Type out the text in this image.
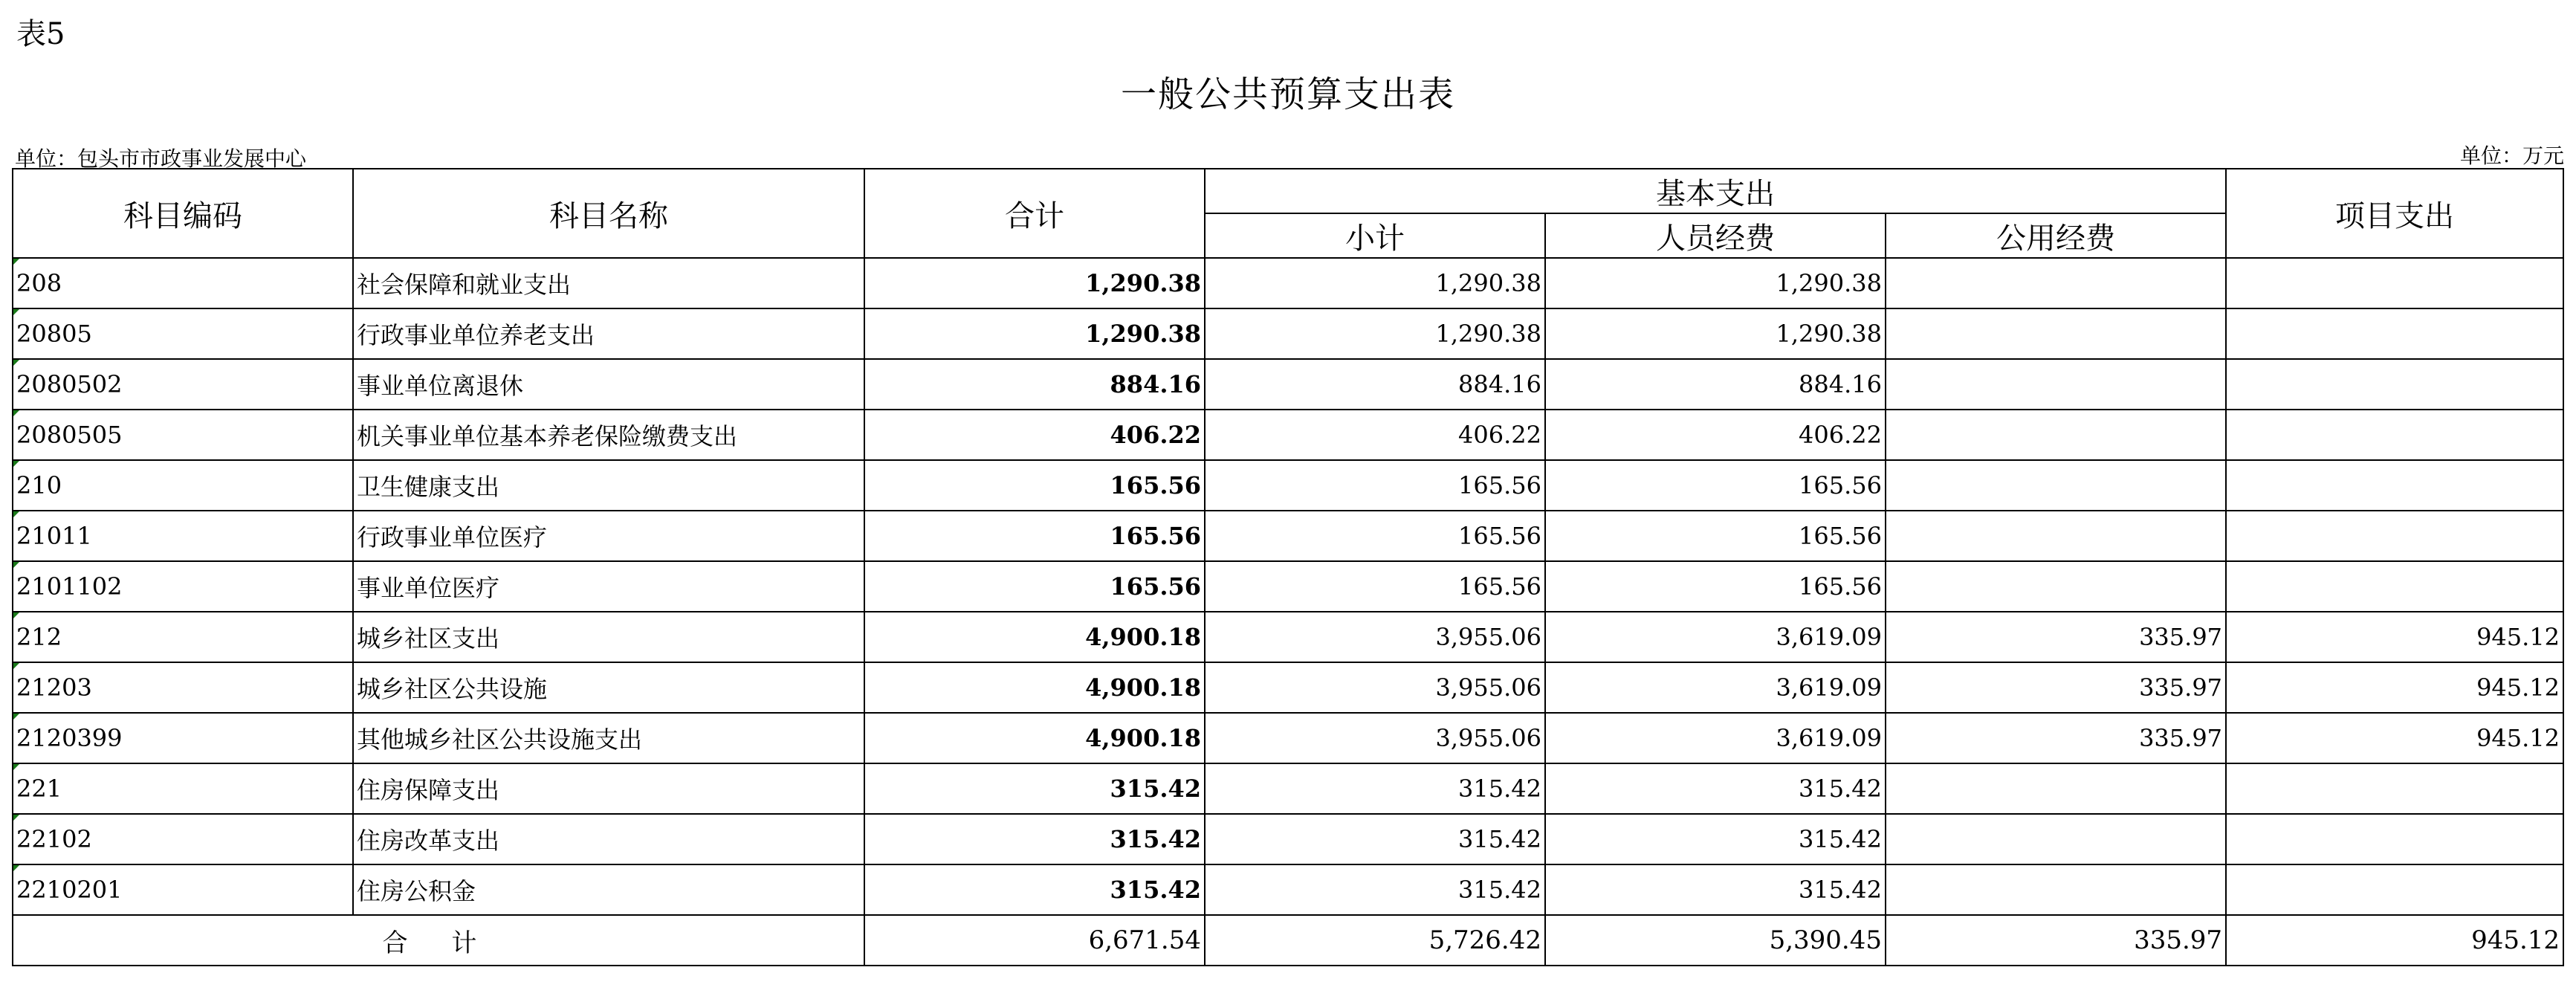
表5
一般公共预算支出表
单位：包头市市政事业发展中心	单位：万元
科目编码	科目名称	合计	基本支出			项目支出
			小计	人员经费	公用经费	

208	社会保障和就业支出	1,290.38	1,290.38	1,290.38		

20805	行政事业单位养老支出	1,290.38	1,290.38	1,290.38		

2080502	事业单位离退休	884.16	884.16	884.16		

2080505	机关事业单位基本养老保险缴费支出	406.22	406.22	406.22		

210	卫生健康支出	165.56	165.56	165.56		

21011	行政事业单位医疗	165.56	165.56	165.56		

2101102	事业单位医疗	165.56	165.56	165.56		

212	城乡社区支出	4,900.18	3,955.06	3,619.09	335.97	945.12

21203	城乡社区公共设施	4,900.18	3,955.06	3,619.09	335.97	945.12

2120399	其他城乡社区公共设施支出	4,900.18	3,955.06	3,619.09	335.97	945.12

221	住房保障支出	315.42	315.42	315.42		

22102	住房改革支出	315.42	315.42	315.42		

2210201	住房公积金	315.42	315.42	315.42		
合 计		6,671.54	5,726.42	5,390.45	335.97	945.12
